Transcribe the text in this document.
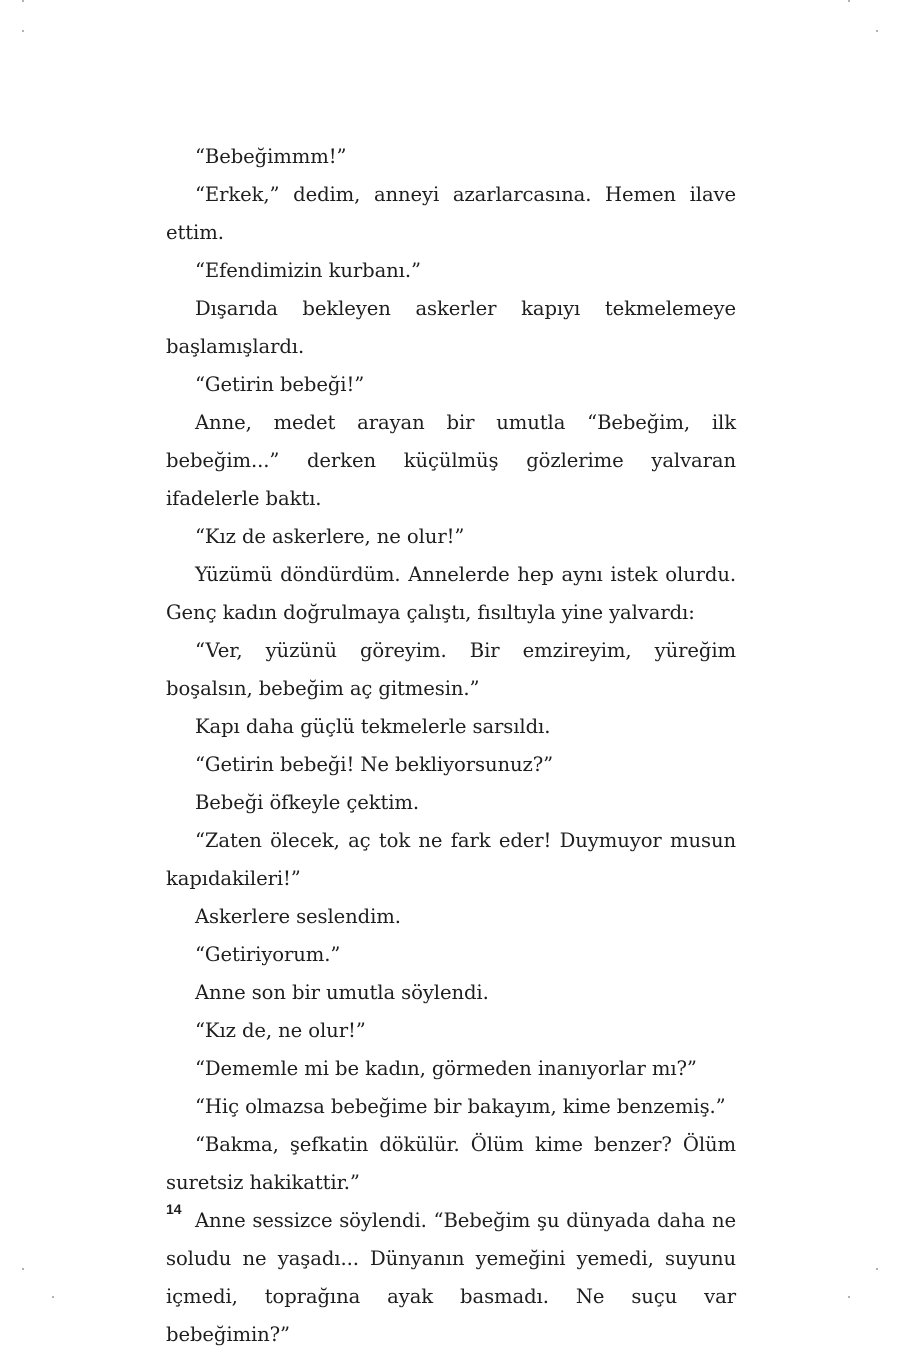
“Bebeğimmm!”

“Erkek,” dedim, anneyi azarlarcasına. Hemen ilave ettim.

“Efendimizin kurbanı.”

Dışarıda bekleyen askerler kapıyı tekmelemeye başlamışlardı.

“Getirin bebeği!”

Anne, medet arayan bir umutla “Bebeğim, ilk bebeğim...” derken küçülmüş gözlerime yalvaran ifadelerle baktı.

“Kız de askerlere, ne olur!”

Yüzümü döndürdüm. Annelerde hep aynı istek olurdu. Genç kadın doğrulmaya çalıştı, fısıltıyla yine yalvardı:

“Ver, yüzünü göreyim. Bir emzireyim, yüreğim boşalsın, bebeğim aç gitmesin.”

Kapı daha güçlü tekmelerle sarsıldı.

“Getirin bebeği! Ne bekliyorsunuz?”

Bebeği öfkeyle çektim.

“Zaten ölecek, aç tok ne fark eder! Duymuyor musun kapıdakileri!”

Askerlere seslendim.

“Getiriyorum.”

Anne son bir umutla söylendi.

“Kız de, ne olur!”

“Dememle mi be kadın, görmeden inanıyorlar mı?”

“Hiç olmazsa bebeğime bir bakayım, kime benzemiş.”

“Bakma, şefkatin dökülür. Ölüm kime benzer? Ölüm suretsiz hakikattir.”

Anne sessizce söylendi. “Bebeğim şu dünyada daha ne soludu ne yaşadı... Dünyanın yemeğini yemedi, suyunu içmedi, toprağına ayak basmadı. Ne suçu var bebeğimin?”

14
